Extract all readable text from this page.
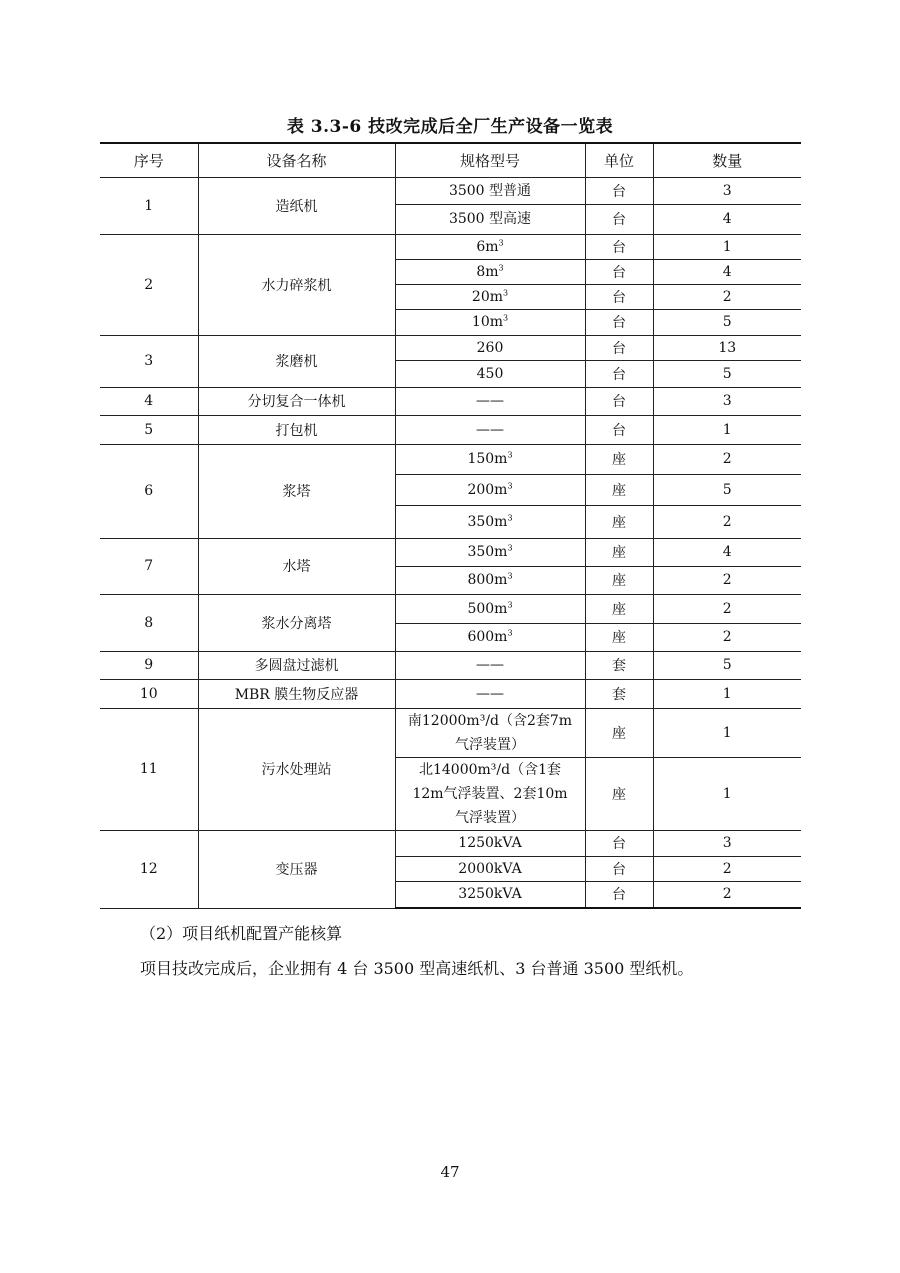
表 3.3-6 技改完成后全厂生产设备一览表
序号	设备名称	规格型号	单位	数量
1	造纸机	3500 型普通	台	3
		3500 型高速	台	4
2	水力碎浆机	$6m^3$	台	1
		$8m^3$	台	4
		$20m^3$	台	2
		$10m^3$	台	5
3	浆磨机	260	台	13
		450	台	5
4	分切复合一体机	——	台	3
5	打包机	——	台	1
6	浆塔	$150m^3$	座	2
		$200m^3$	座	5
		$350m^3$	座	2
7	水塔	$350m^3$	座	4
		$800m^3$	座	2
8	浆水分离塔	$500m^3$	座	2
		$600m^3$	座	2
9	多圆盘过滤机	——	套	5
10	MBR 膜生物反应器	——	套	1
11	污水处理站	南12000m³/d（含2套7m气浮装置）	座	1
		北14000m³/d（含1套12m气浮装置、2套10m气浮装置）	座	1
12	变压器	1250kVA	台	3
		2000kVA	台	2
		3250kVA	台	2
（2）项目纸机配置产能核算
项目技改完成后，企业拥有 4 台 3500 型高速纸机、3 台普通 3500 型纸机。
47
